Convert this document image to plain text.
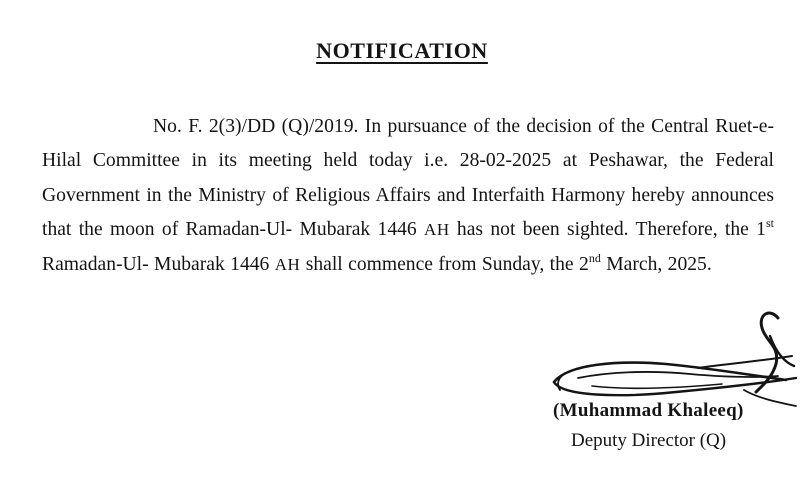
NOTIFICATION
No. F. 2(3)/DD (Q)/2019. In pursuance of the decision of the Central Ruet-e-Hilal Committee in its meeting held today i.e. 28-02-2025 at Peshawar, the Federal Government in the Ministry of Religious Affairs and Interfaith Harmony hereby announces that the moon of Ramadan-Ul- Mubarak 1446 AH has not been sighted. Therefore, the 1st Ramadan-Ul- Mubarak 1446 AH shall commence from Sunday, the 2nd March, 2025.
(Muhammad Khaleeq)
Deputy Director (Q)
